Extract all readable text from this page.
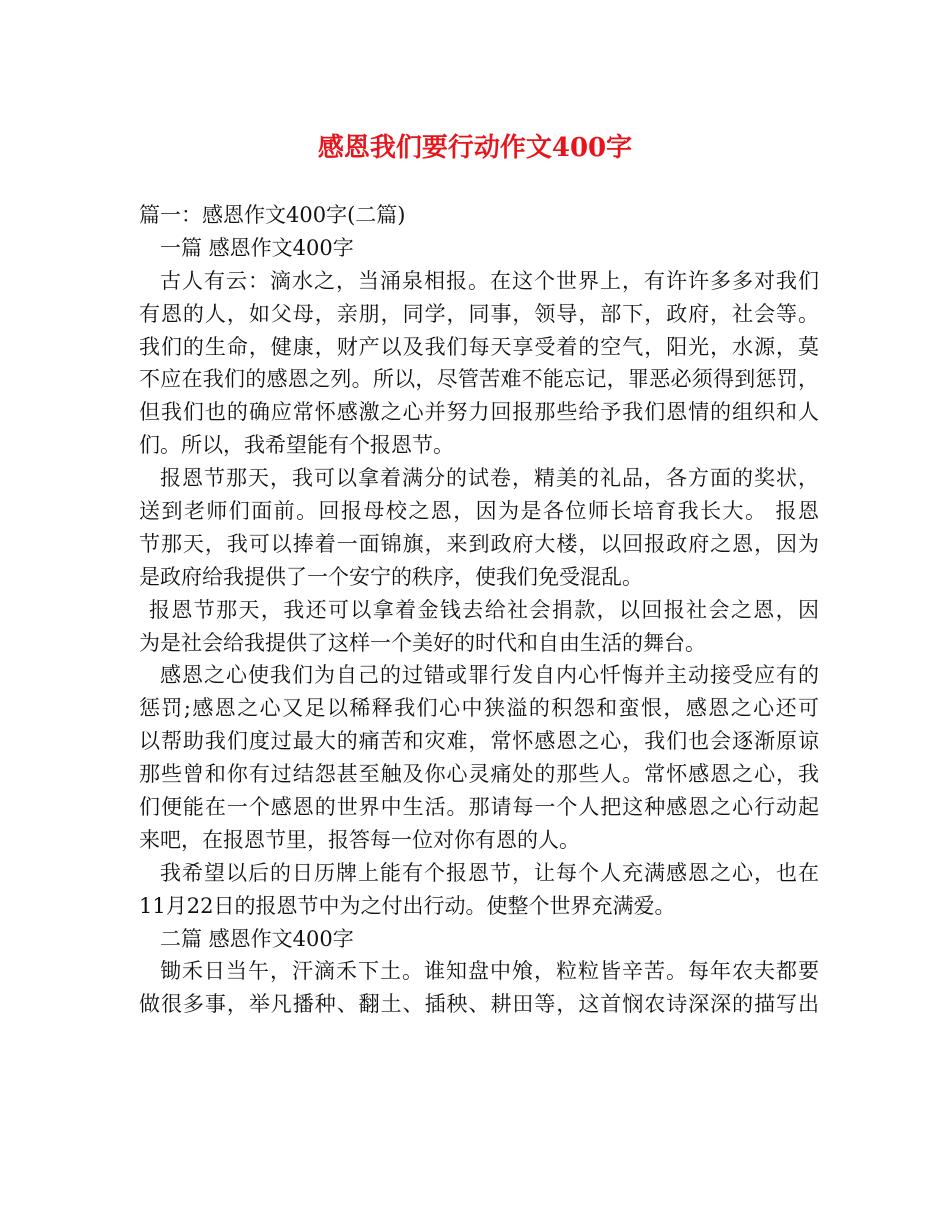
感恩我们要行动作文400字
篇一：感恩作文400字(二篇)
一篇 感恩作文400字
古人有云：滴水之，当涌泉相报。在这个世界上，有许许多多对我们
有恩的人，如父母，亲朋，同学，同事，领导，部下，政府，社会等。
我们的生命，健康，财产以及我们每天享受着的空气，阳光，水源，莫
不应在我们的感恩之列。所以，尽管苦难不能忘记，罪恶必须得到惩罚，
但我们也的确应常怀感激之心并努力回报那些给予我们恩情的组织和人
们。所以，我希望能有个报恩节。
报恩节那天，我可以拿着满分的试卷，精美的礼品，各方面的奖状，
送到老师们面前。回报母校之恩，因为是各位师长培育我长大。 报恩
节那天，我可以捧着一面锦旗，来到政府大楼，以回报政府之恩，因为
是政府给我提供了一个安宁的秩序，使我们免受混乱。
报恩节那天，我还可以拿着金钱去给社会捐款，以回报社会之恩，因
为是社会给我提供了这样一个美好的时代和自由生活的舞台。
感恩之心使我们为自己的过错或罪行发自内心忏悔并主动接受应有的
惩罚;感恩之心又足以稀释我们心中狭溢的积怨和蛮恨，感恩之心还可
以帮助我们度过最大的痛苦和灾难，常怀感恩之心，我们也会逐渐原谅
那些曾和你有过结怨甚至触及你心灵痛处的那些人。常怀感恩之心，我
们便能在一个感恩的世界中生活。那请每一个人把这种感恩之心行动起
来吧，在报恩节里，报答每一位对你有恩的人。
我希望以后的日历牌上能有个报恩节，让每个人充满感恩之心，也在
11月22日的报恩节中为之付出行动。使整个世界充满爱。
二篇 感恩作文400字
锄禾日当午，汗滴禾下土。谁知盘中飧，粒粒皆辛苦。每年农夫都要
做很多事，举凡播种、翻土、插秧、耕田等，这首悯农诗深深的描写出
